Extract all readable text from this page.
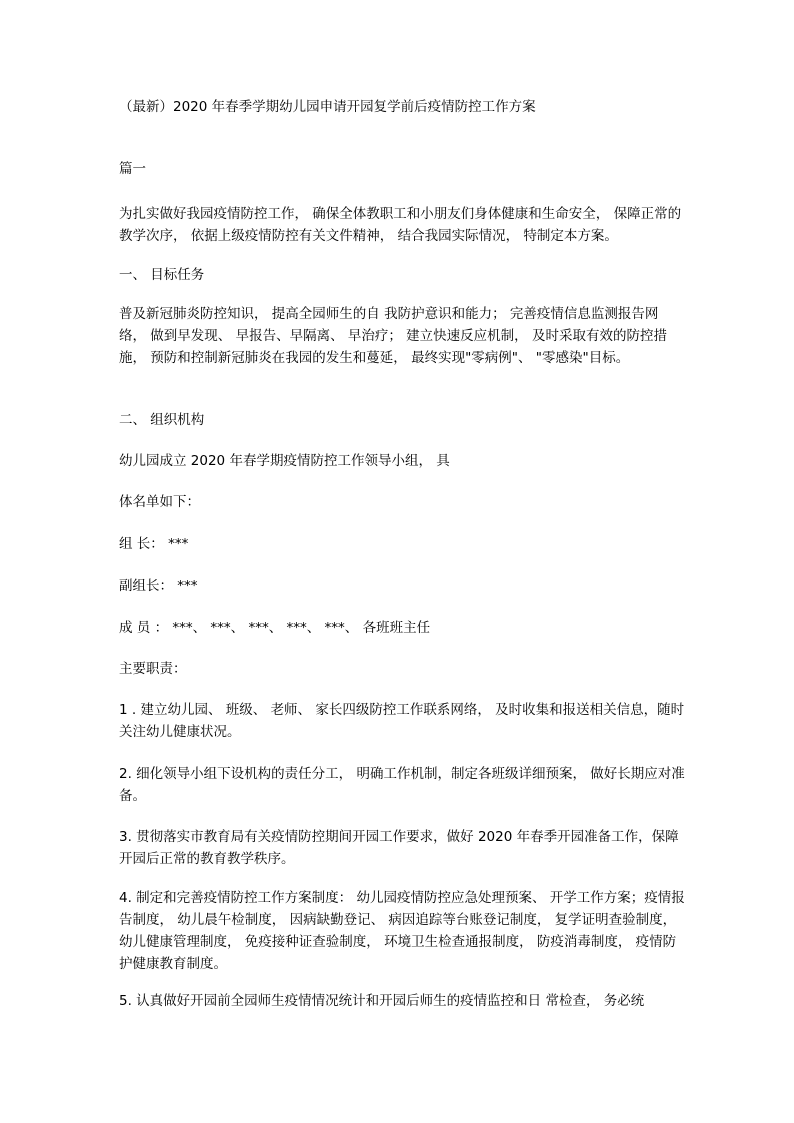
（最新）2020 年春季学期幼儿园申请开园复学前后疫情防控工作方案
篇一

为扎实做好我园疫情防控工作， 确保全体教职工和小朋友们身体健康和生命安全， 保障正常的教学次序， 依据上级疫情防控有关文件精神， 结合我园实际情况， 特制定本方案。

一、 目标任务

普及新冠肺炎防控知识， 提高全园师生的自 我防护意识和能力； 完善疫情信息监测报告网络， 做到早发现、 早报告、早隔离、 早治疗； 建立快速反应机制， 及时采取有效的防控措施， 预防和控制新冠肺炎在我园的发生和蔓延， 最终实现"零病例"、 "零感染"目标。

二、 组织机构
幼儿园成立 2020 年春学期疫情防控工作领导小组， 具
体名单如下：
组 长： ***
副组长： ***
成 员 ： ***、 ***、 ***、 ***、 ***、 各班班主任
主要职责：

1 . 建立幼儿园、 班级、 老师、 家长四级防控工作联系网络， 及时收集和报送相关信息，随时关注幼儿健康状况。

2. 细化领导小组下设机构的责任分工， 明确工作机制，制定各班级详细预案， 做好长期应对准备。

3. 贯彻落实市教育局有关疫情防控期间开园工作要求，做好 2020 年春季开园准备工作，保障开园后正常的教育教学秩序。

4. 制定和完善疫情防控工作方案制度： 幼儿园疫情防控应急处理预案、 开学工作方案；疫情报告制度， 幼儿晨午检制度， 因病缺勤登记、 病因追踪等台账登记制度， 复学证明查验制度， 幼儿健康管理制度， 免疫接种证查验制度， 环境卫生检查通报制度， 防疫消毒制度， 疫情防护健康教育制度。

5. 认真做好开园前全园师生疫情情况统计和开园后师生的疫情监控和日 常检查， 务必统
